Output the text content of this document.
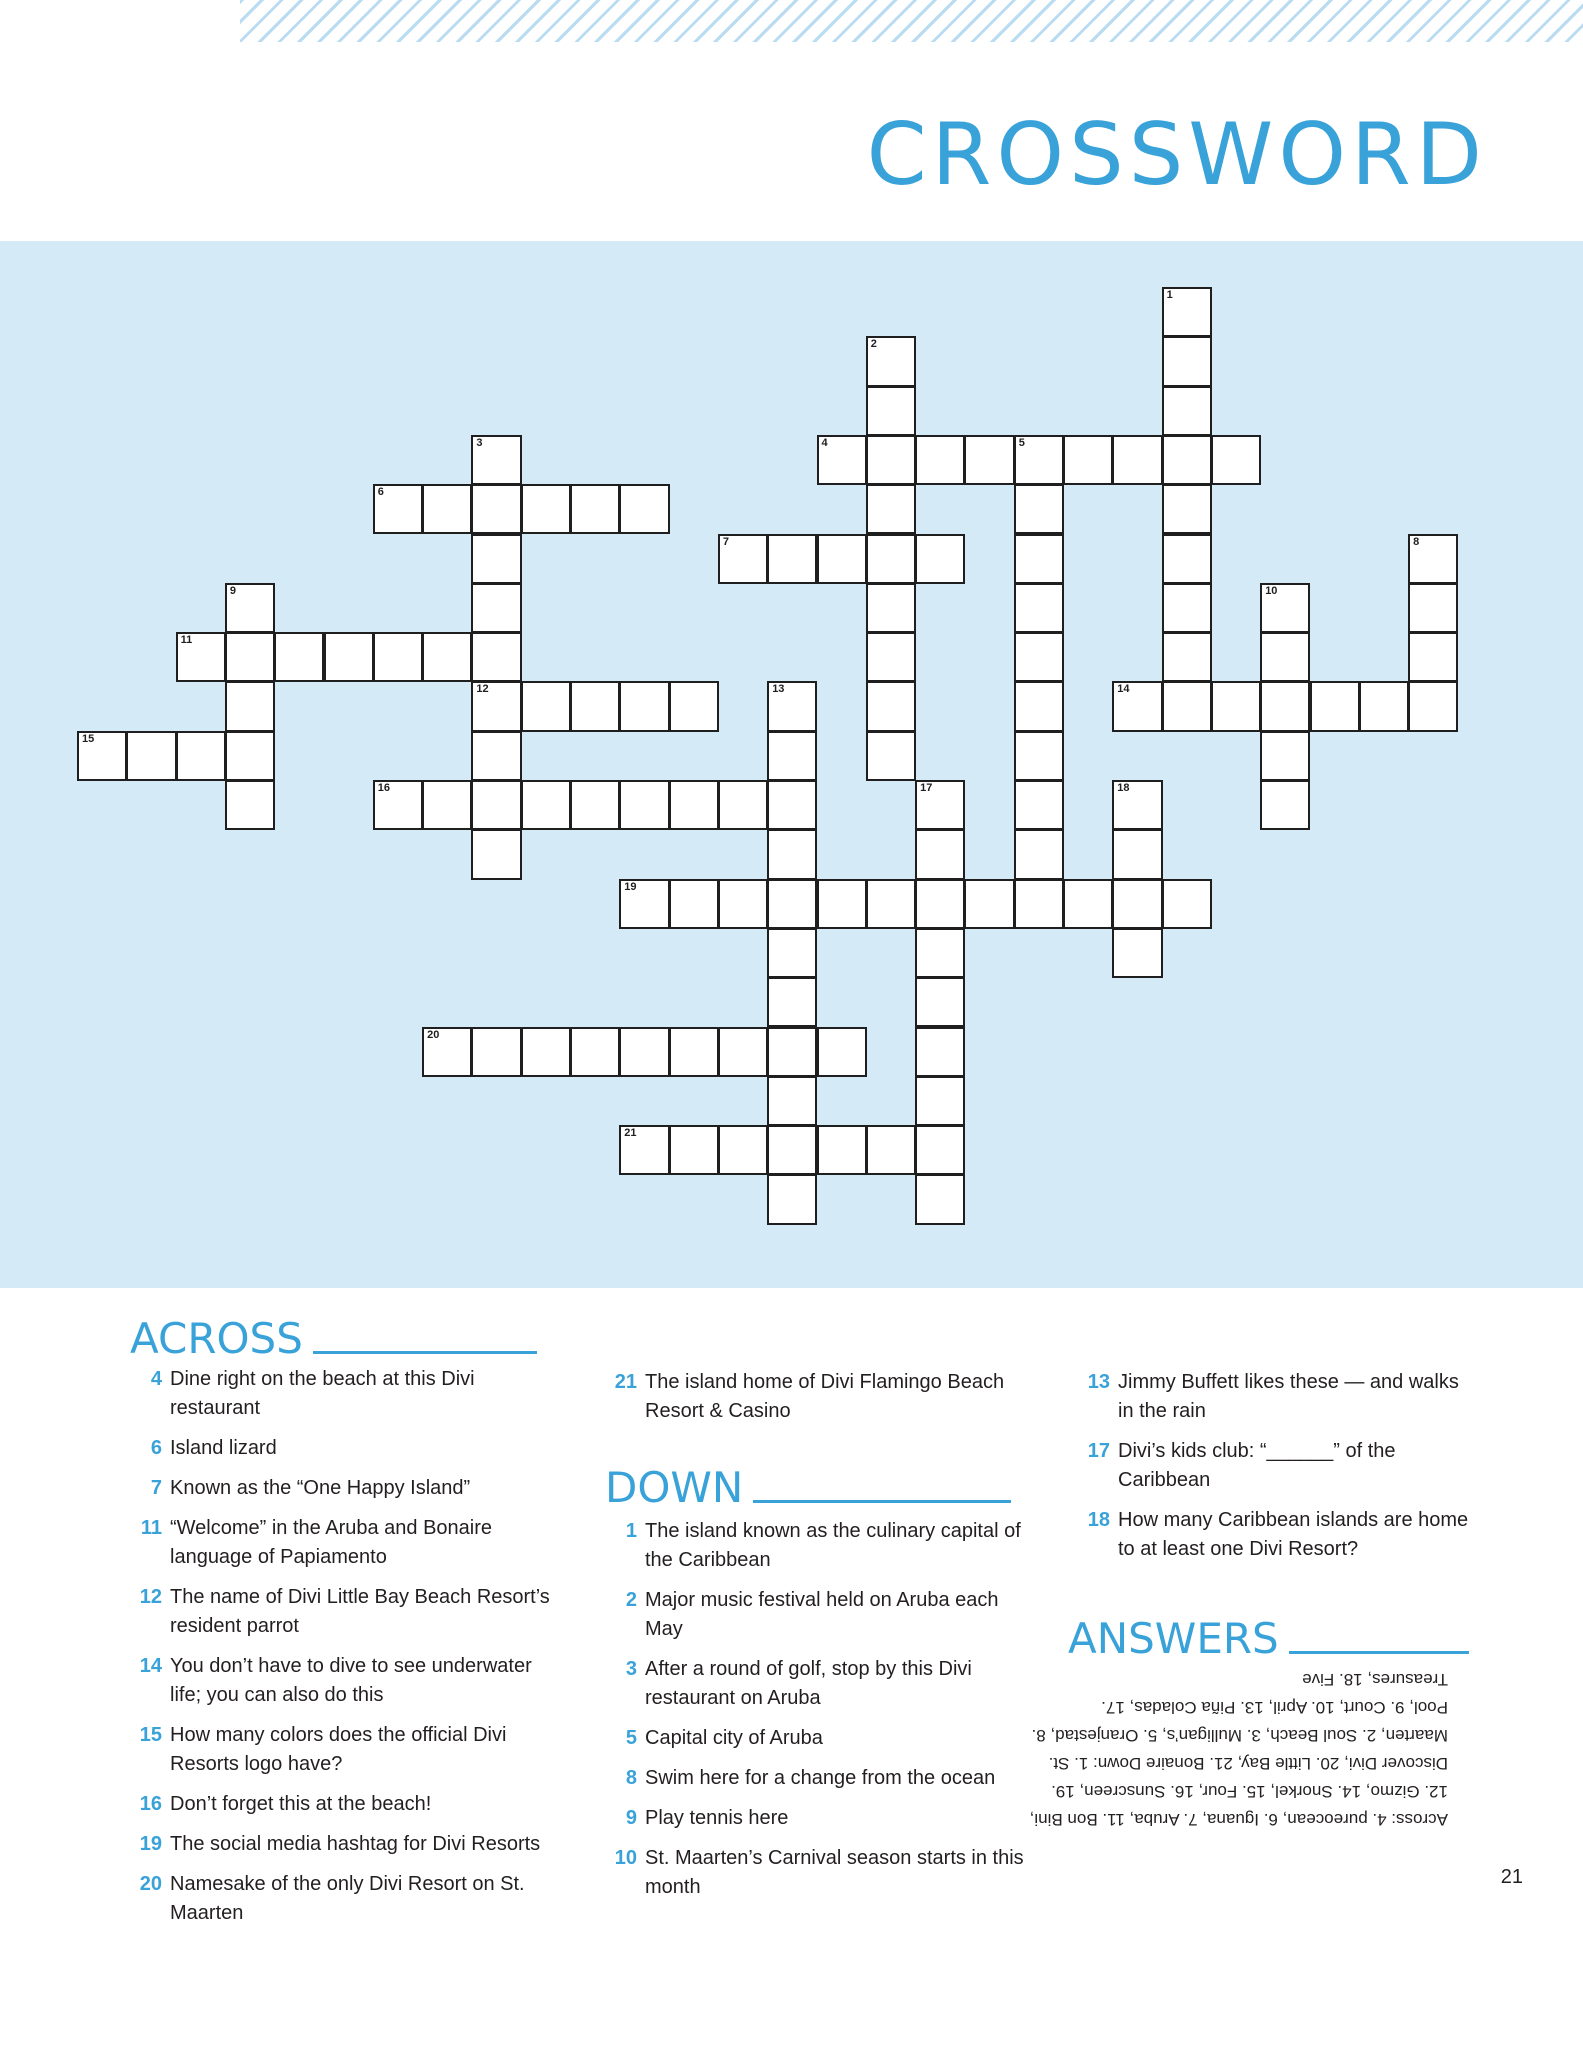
CROSSWORD
1
2
3
12
4	5
6
7	8
9	10
11
13	14
15
16	17	18
19
20
21
ACROSS
4 Dine right on the beach at this Divi restaurant
6 Island lizard
7 Known as the “One Happy Island”
11 “Welcome” in the Aruba and Bonaire language of Papiamento
12 The name of Divi Little Bay Beach Resort’s resident parrot
14 You don’t have to dive to see underwater life; you can also do this
15 How many colors does the official Divi Resorts logo have?
16 Don’t forget this at the beach!
19 The social media hashtag for Divi Resorts
20 Namesake of the only Divi Resort on St. Maarten
21 The island home of Divi Flamingo Beach Resort & Casino
DOWN
1 The island known as the culinary capital of the Caribbean
2 Major music festival held on Aruba each May
3 After a round of golf, stop by this Divi restaurant on Aruba
5 Capital city of Aruba
8 Swim here for a change from the ocean
9 Play tennis here
10 St. Maarten’s Carnival season starts in this month
13 Jimmy Buffett likes these — and walks in the rain
17 Divi’s kids club: “______” of the Caribbean
18 How many Caribbean islands are home to at least one Divi Resort?
ANSWERS

Across: 4. pureocean, 6. Iguana, 7. Aruba, 11. Bon Bini, 12. Gizmo, 14. Snorkel, 15. Four, 16. Sunscreen, 19. Discover Divi, 20. Little Bay, 21. Bonaire Down: 1. St. Maarten, 2. Soul Beach, 3. Mulligan’s, 5. Oranjestad, 8. Pool, 9. Court, 10. April, 13. Piña Coladas, 17. Treasures, 18. Five

21
